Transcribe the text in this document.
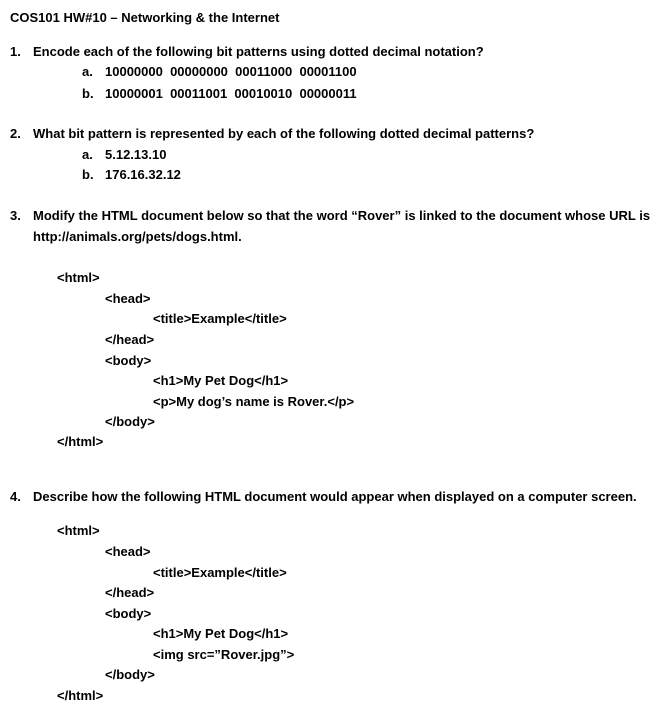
COS101 HW#10 – Networking & the Internet
1. Encode each of the following bit patterns using dotted decimal notation?
a. 10000000  00000000  00011000  00001100
b. 10000001  00011001  00010010  00000011
2. What bit pattern is represented by each of the following dotted decimal patterns?
a. 5.12.13.10
b. 176.16.32.12
3. Modify the HTML document below so that the word “Rover” is linked to the document whose URL is
http://animals.org/pets/dogs.html.
<html>
<head>
<title>Example</title>
</head>
<body>
<h1>My Pet Dog</h1>
<p>My dog’s name is Rover.</p>
</body>
</html>
4. Describe how the following HTML document would appear when displayed on a computer screen.
<html>
<head>
<title>Example</title>
</head>
<body>
<h1>My Pet Dog</h1>
<img src=”Rover.jpg”>
</body>
</html>
